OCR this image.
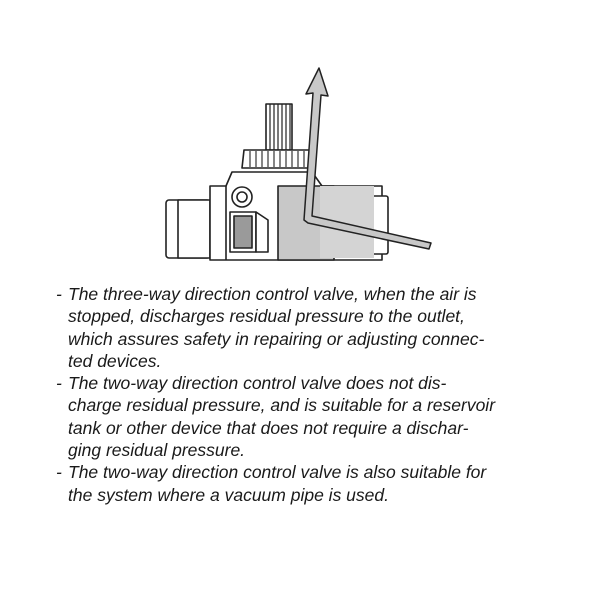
- The three-way direction control valve, when the air is
stopped, discharges residual pressure to the outlet,
which assures safety in repairing or adjusting connec-
ted devices.
- The two-way direction control valve does not dis-
charge residual pressure, and is suitable for a reservoir
tank or other device that does not require a dischar-
ging residual pressure.
- The two-way direction control valve is also suitable for
the system where a vacuum pipe is used.
